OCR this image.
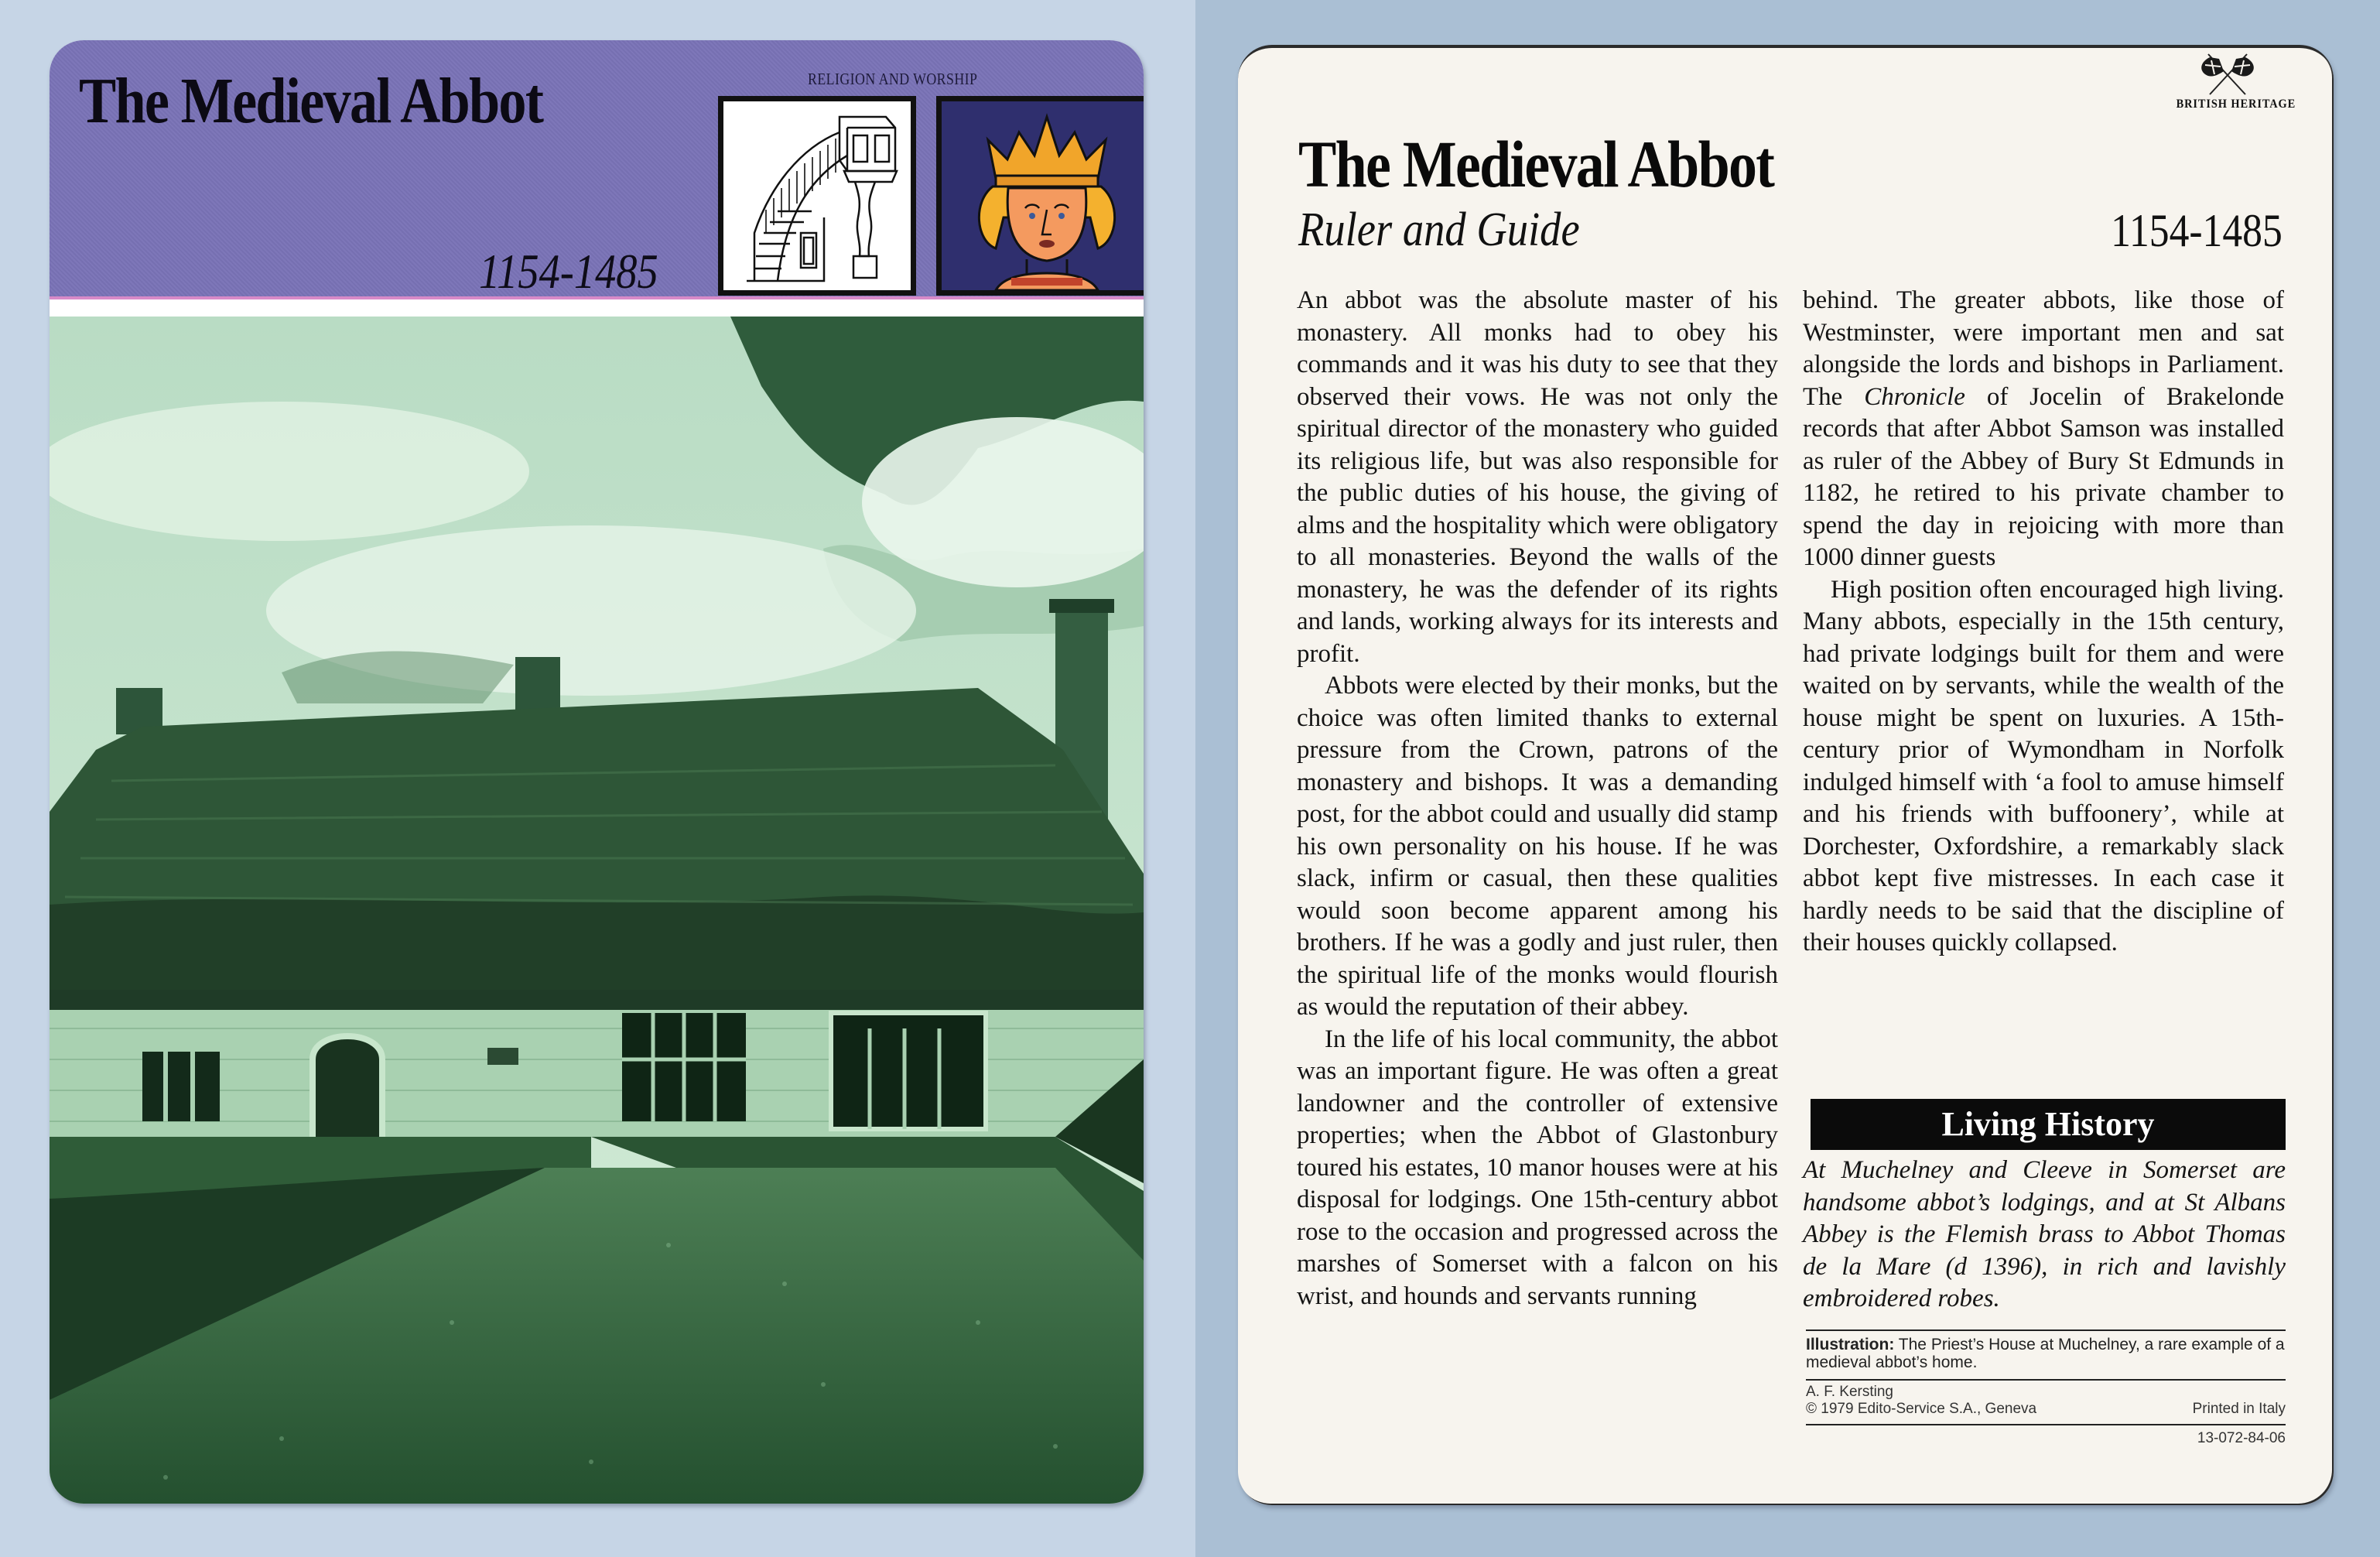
The Medieval Abbot	RELIGION AND WORSHIP
1154-1485
BRITISH HERITAGE
The Medieval Abbot
Ruler and Guide	1154-1485

An abbot was the absolute master of his monastery. All monks had to obey his commands and it was his duty to see that they observed their vows. He was not only the spiritual director of the monastery who guided its religious life, but was also responsible for the public duties of his house, the giving of alms and the hospitality which were obligatory to all monasteries. Beyond the walls of the monastery, he was the defender of its rights and lands, working always for its interests and profit.

Abbots were elected by their monks, but the choice was often limited thanks to external pressure from the Crown, patrons of the monastery and bishops. It was a demanding post, for the abbot could and usually did stamp his own personality on his house. If he was slack, infirm or casual, then these qualities would soon become apparent among his brothers. If he was a godly and just ruler, then the spiritual life of the monks would flourish as would the reputation of their abbey.

In the life of his local community, the abbot was an important figure. He was often a great landowner and the controller of extensive properties; when the Abbot of Glastonbury toured his estates, 10 manor houses were at his disposal for lodgings. One 15th-century abbot rose to the occasion and progressed across the marshes of Somerset with a falcon on his wrist, and hounds and servants running

behind. The greater abbots, like those of Westminster, were important men and sat alongside the lords and bishops in Parliament. The Chronicle of Jocelin of Brakelonde records that after Abbot Samson was installed as ruler of the Abbey of Bury St Edmunds in 1182, he retired to his private chamber to spend the day in rejoicing with more than 1000 dinner guests

High position often encouraged high living. Many abbots, especially in the 15th century, had private lodgings built for them and were waited on by servants, while the wealth of the house might be spent on luxuries. A 15th-century prior of Wymondham in Norfolk indulged himself with ‘a fool to amuse himself and his friends with buffoonery’, while at Dorchester, Oxfordshire, a remarkably slack abbot kept five mistresses. In each case it hardly needs to be said that the discipline of their houses quickly collapsed.

Living History
At Muchelney and Cleeve in Somerset are handsome abbot’s lodgings, and at St Albans Abbey is the Flemish brass to Abbot Thomas de la Mare (d 1396), in rich and lavishly embroidered robes.
Illustration: The Priest’s House at Muchelney, a rare example of a medieval abbot’s home.
A. F. Kersting
© 1979 Edito-Service S.A., Geneva	Printed in Italy
13-072-84-06
